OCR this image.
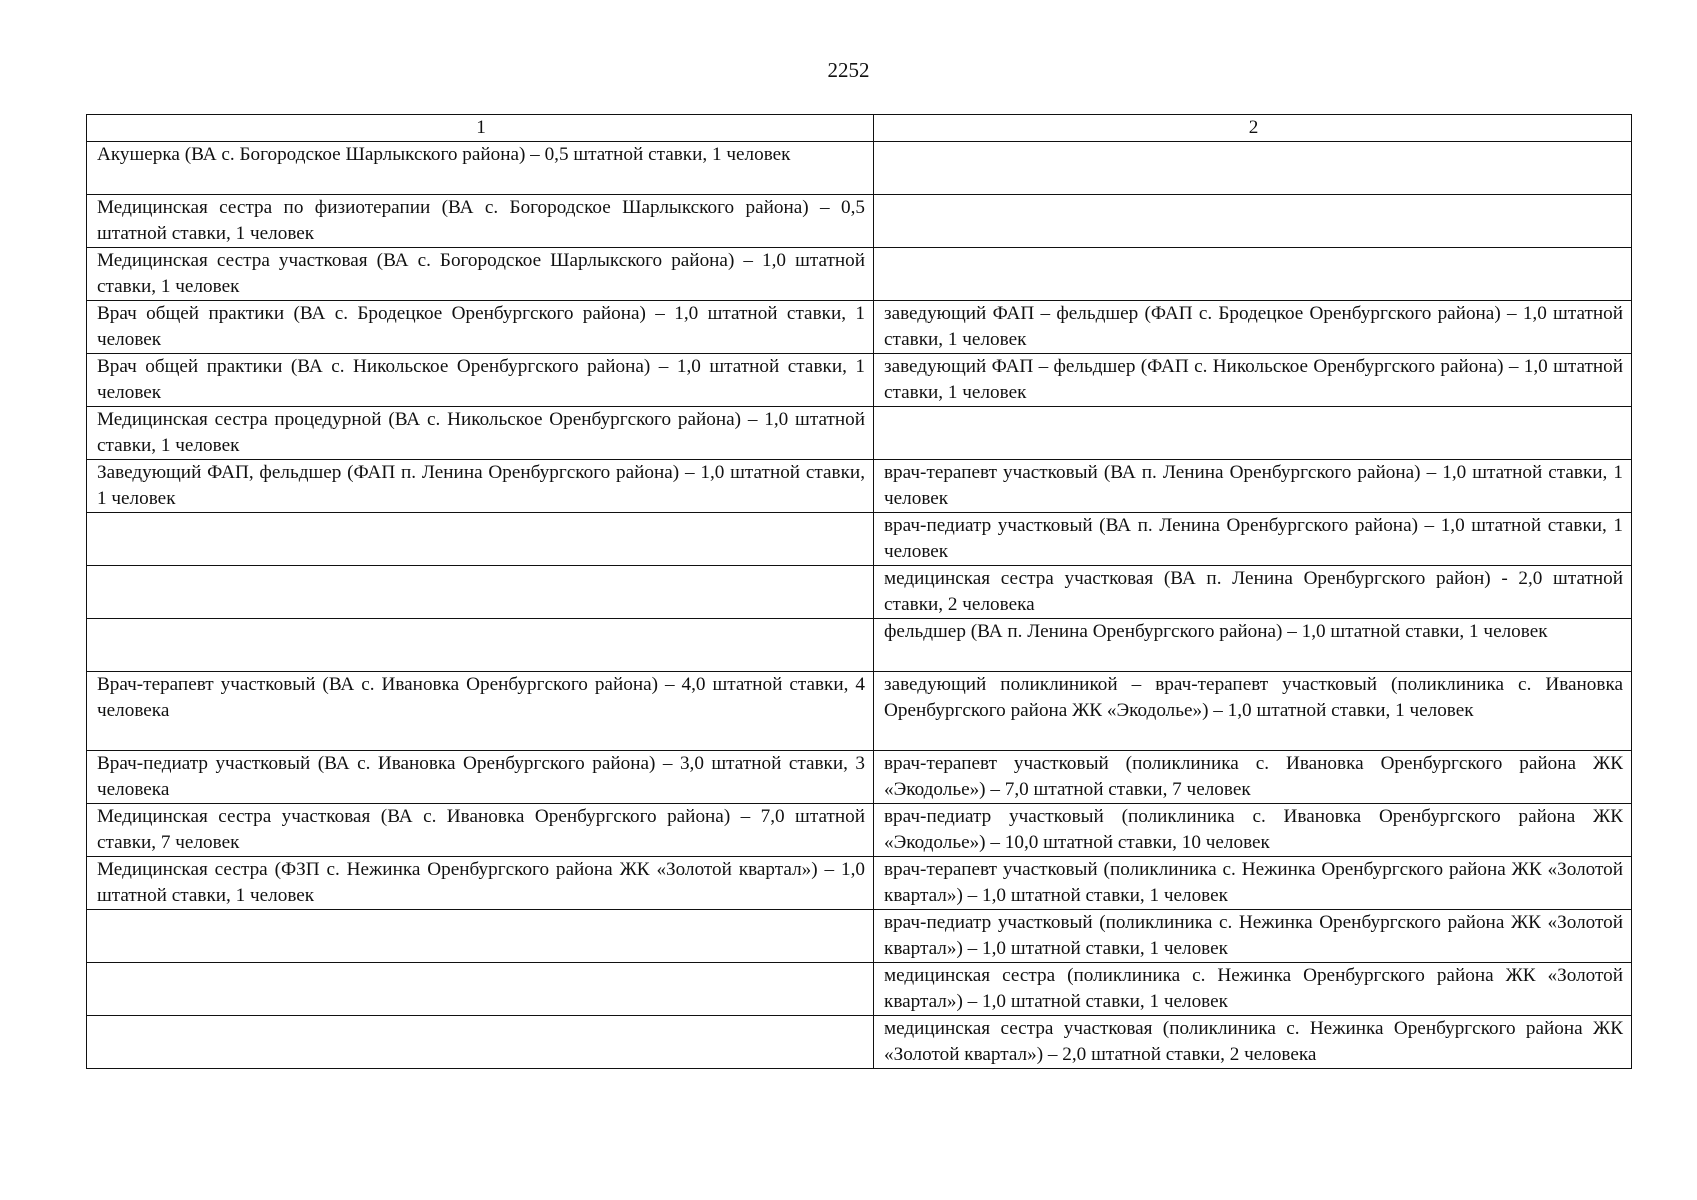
2252
1	2
Акушерка (ВА с. Богородское Шарлыкского района) – 0,5 штатной ставки, 1 человек	
Медицинская сестра по физиотерапии (ВА с. Богородское Шарлыкского района) – 0,5 штатной ставки, 1 человек	
Медицинская сестра участковая (ВА с. Богородское Шарлыкского района) – 1,0 штатной ставки, 1 человек	
Врач общей практики (ВА с. Бродецкое Оренбургского района) – 1,0 штатной ставки, 1 человек	заведующий ФАП – фельдшер (ФАП с. Бродецкое Оренбургского района) – 1,0 штатной ставки, 1 человек
Врач общей практики (ВА с. Никольское Оренбургского района) – 1,0 штатной ставки, 1 человек	заведующий ФАП – фельдшер (ФАП с. Никольское Оренбургского района) – 1,0 штатной ставки, 1 человек
Медицинская сестра процедурной (ВА с. Никольское Оренбургского района) – 1,0 штатной ставки, 1 человек	
Заведующий ФАП, фельдшер (ФАП п. Ленина Оренбургского района) – 1,0 штатной ставки, 1 человек	врач-терапевт участковый (ВА п. Ленина Оренбургского района) – 1,0 штатной ставки, 1 человек
	врач-педиатр участковый (ВА п. Ленина Оренбургского района) – 1,0 штатной ставки, 1 человек
	медицинская сестра участковая (ВА п. Ленина Оренбургского район) - 2,0 штатной ставки, 2 человека
	фельдшер (ВА п. Ленина Оренбургского района) – 1,0 штатной ставки, 1 человек
Врач-терапевт участковый (ВА с. Ивановка Оренбургского района) – 4,0 штатной ставки, 4 человека	заведующий поликлиникой – врач-терапевт участковый (поликлиника с. Ивановка Оренбургского района ЖК «Экодолье») – 1,0 штатной ставки, 1 человек
Врач-педиатр участковый (ВА с. Ивановка Оренбургского района) – 3,0 штатной ставки, 3 человека	врач-терапевт участковый (поликлиника с. Ивановка Оренбургского района ЖК «Экодолье») – 7,0 штатной ставки, 7 человек
Медицинская сестра участковая (ВА с. Ивановка Оренбургского района) – 7,0 штатной ставки, 7 человек	врач-педиатр участковый (поликлиника с. Ивановка Оренбургского района ЖК «Экодолье») – 10,0 штатной ставки, 10 человек
Медицинская сестра (ФЗП с. Нежинка Оренбургского района ЖК «Золотой квартал») – 1,0 штатной ставки, 1 человек	врач-терапевт участковый (поликлиника с. Нежинка Оренбургского района ЖК «Золотой квартал») – 1,0 штатной ставки, 1 человек
	врач-педиатр участковый (поликлиника с. Нежинка Оренбургского района ЖК «Золотой квартал») – 1,0 штатной ставки, 1 человек
	медицинская сестра (поликлиника с. Нежинка Оренбургского района ЖК «Золотой квартал») – 1,0 штатной ставки, 1 человек
	медицинская сестра участковая (поликлиника с. Нежинка Оренбургского района ЖК «Золотой квартал») – 2,0 штатной ставки, 2 человека
